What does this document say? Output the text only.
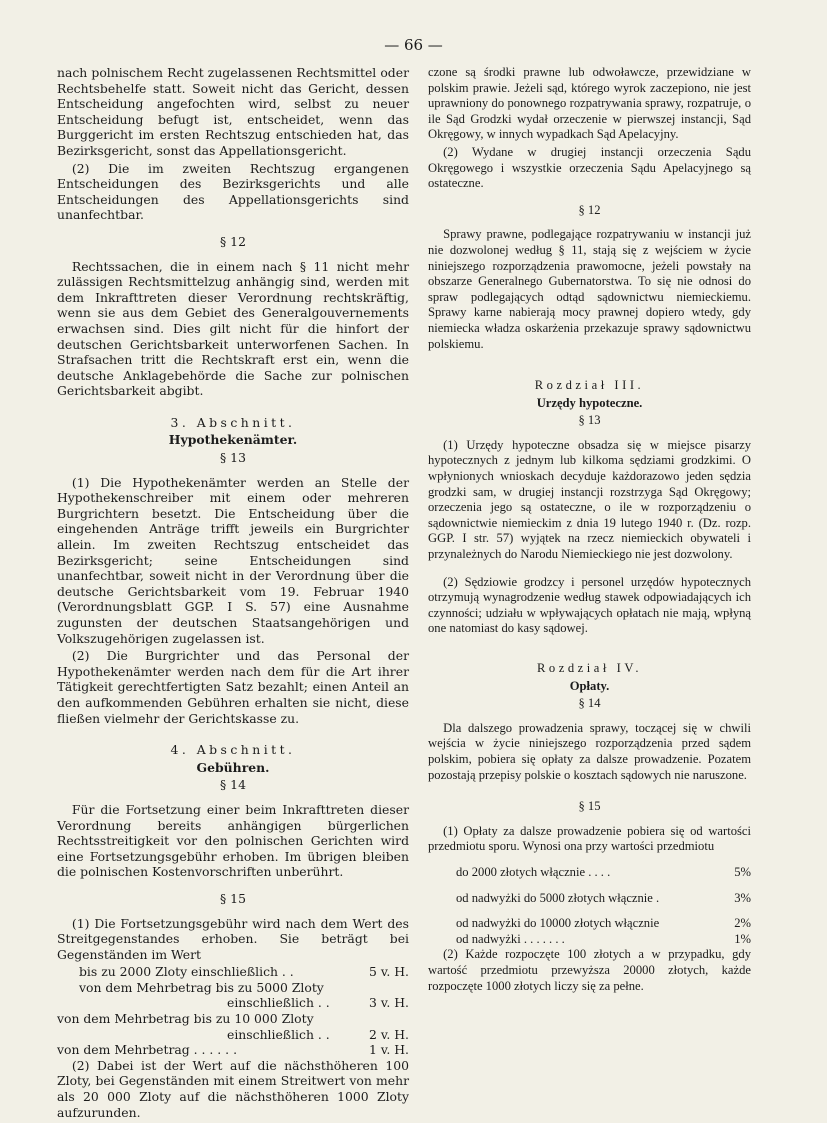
— 66 —

nach polnischem Recht zugelassenen Rechtsmittel oder Rechtsbehelfe statt. Soweit nicht das Gericht, dessen Entscheidung angefochten wird, selbst zu neuer Entscheidung befugt ist, entscheidet, wenn das Burggericht im ersten Rechtszug entschieden hat, das Bezirksgericht, sonst das Appellationsgericht.

(2) Die im zweiten Rechtszug ergangenen Entscheidungen des Bezirksgerichts und alle Entscheidungen des Appellationsgerichts sind unanfechtbar.

§ 12

Rechtssachen, die in einem nach § 11 nicht mehr zulässigen Rechtsmittelzug anhängig sind, werden mit dem Inkrafttreten dieser Verordnung rechtskräftig, wenn sie aus dem Gebiet des Generalgouvernements erwachsen sind. Dies gilt nicht für die hinfort der deutschen Gerichtsbarkeit unterworfenen Sachen. In Strafsachen tritt die Rechtskraft erst ein, wenn die deutsche Anklagebehörde die Sache zur polnischen Gerichtsbarkeit abgibt.

3. Abschnitt.
Hypothekenämter.
§ 13

(1) Die Hypothekenämter werden an Stelle der Hypothekenschreiber mit einem oder mehreren Burgrichtern besetzt. Die Entscheidung über die eingehenden Anträge trifft jeweils ein Burgrichter allein. Im zweiten Rechtszug entscheidet das Bezirksgericht; seine Entscheidungen sind unanfechtbar, soweit nicht in der Verordnung über die deutsche Gerichtsbarkeit vom 19. Februar 1940 (Verordnungsblatt GGP. I S. 57) eine Ausnahme zugunsten der deutschen Staatsangehörigen und Volkszugehörigen zugelassen ist.

(2) Die Burgrichter und das Personal der Hypothekenämter werden nach dem für die Art ihrer Tätigkeit gerechtfertigten Satz bezahlt; einen Anteil an den aufkommenden Gebühren erhalten sie nicht, diese fließen vielmehr der Gerichtskasse zu.

4. Abschnitt.
Gebühren.
§ 14

Für die Fortsetzung einer beim Inkrafttreten dieser Verordnung bereits anhängigen bürgerlichen Rechtsstreitigkeit vor den polnischen Gerichten wird eine Fortsetzungsgebühr erhoben. Im übrigen bleiben die polnischen Kostenvorschriften unberührt.

§ 15

(1) Die Fortsetzungsgebühr wird nach dem Wert des Streitgegenstandes erhoben. Sie beträgt bei Gegenständen im Wert

bis zu 2000 Zloty einschließlich . .	5 v. H.
von dem Mehrbetrag bis zu 5000 Zloty
einschließlich . .	3 v. H.
von dem Mehrbetrag bis zu 10 000 Zloty
einschließlich . .	2 v. H.
von dem Mehrbetrag . . . . . .	1 v. H.

(2) Dabei ist der Wert auf die nächsthöheren 100 Zloty, bei Gegenständen mit einem Streitwert von mehr als 20 000 Zloty auf die nächsthöheren 1000 Zloty aufzurunden.

czone są środki prawne lub odwoławcze, przewidziane w polskim prawie. Jeżeli sąd, którego wyrok zaczepiono, nie jest uprawniony do ponownego rozpatrywania sprawy, rozpatruje, o ile Sąd Grodzki wydał orzeczenie w pierwszej instancji, Sąd Okręgowy, w innych wypadkach Sąd Apelacyjny.

(2) Wydane w drugiej instancji orzeczenia Sądu Okręgowego i wszystkie orzeczenia Sądu Apelacyjnego są ostateczne.

§ 12

Sprawy prawne, podlegające rozpatrywaniu w instancji już nie dozwolonej według § 11, stają się z wejściem w życie niniejszego rozporządzenia prawomocne, jeżeli powstały na obszarze Generalnego Gubernatorstwa. To się nie odnosi do spraw podlegających odtąd sądownictwu niemieckiemu. Sprawy karne nabierają mocy prawnej dopiero wtedy, gdy niemiecka władza oskarżenia przekazuje sprawy sądownictwu polskiemu.

Rozdział III.
Urzędy hypoteczne.
§ 13

(1) Urzędy hypoteczne obsadza się w miejsce pisarzy hypotecznych z jednym lub kilkoma sędziami grodzkimi. O wpłynionych wnioskach decyduje każdorazowo jeden sędzia grodzki sam, w drugiej instancji rozstrzyga Sąd Okręgowy; orzeczenia jego są ostateczne, o ile w rozporządzeniu o sądownictwie niemieckim z dnia 19 lutego 1940 r. (Dz. rozp. GGP. I str. 57) wyjątek na rzecz niemieckich obywateli i przynależnych do Narodu Niemieckiego nie jest dozwolony.

(2) Sędziowie grodzcy i personel urzędów hypotecznych otrzymują wynagrodzenie według stawek odpowiadających ich czynności; udziału w wpływających opłatach nie mają, wpłyną one natomiast do kasy sądowej.

Rozdział IV.
Opłaty.
§ 14

Dla dalszego prowadzenia sprawy, toczącej się w chwili wejścia w życie niniejszego rozporządzenia przed sądem polskim, pobiera się opłaty za dalsze prowadzenie. Pozatem pozostają przepisy polskie o kosztach sądowych nie naruszone.

§ 15

(1) Opłaty za dalsze prowadzenie pobiera się od wartości przedmiotu sporu. Wynosi ona przy wartości przedmiotu

do 2000 złotych włącznie . . . .	5%
od nadwyżki do 5000 złotych włącznie .	3%
od nadwyżki do 10000 złotych włącznie	2%
od nadwyżki . . . . . . .	1%

(2) Każde rozpoczęte 100 złotych a w przypadku, gdy wartość przedmiotu przewyższa 20000 złotych, każde rozpoczęte 1000 złotych liczy się za pełne.
